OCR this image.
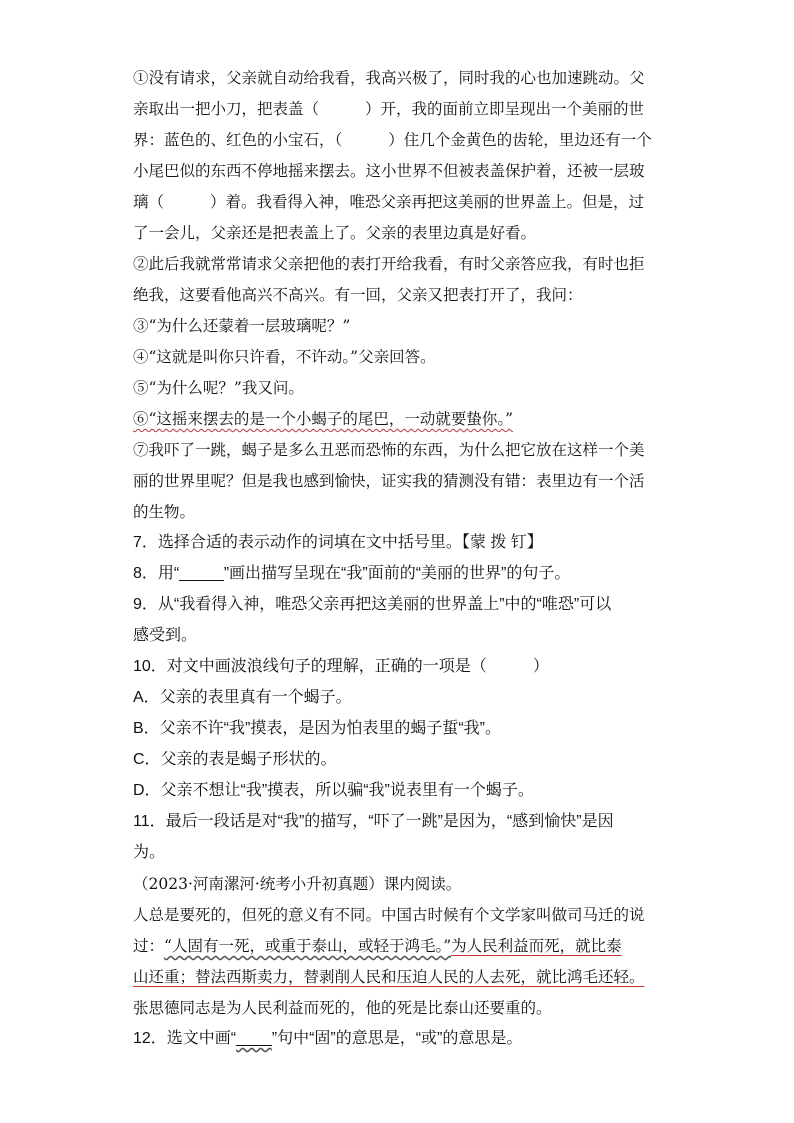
①没有请求，父亲就自动给我看，我高兴极了，同时我的心也加速跳动。父
亲取出一把小刀，把表盖（	）开，我的面前立即呈现出一个美丽的世
界：蓝色的、红色的小宝石，（	）住几个金黄色的齿轮，里边还有一个
小尾巴似的东西不停地摇来摆去。这小世界不但被表盖保护着，还被一层玻
璃（	）着。我看得入神，唯恐父亲再把这美丽的世界盖上。但是，过
了一会儿，父亲还是把表盖上了。父亲的表里边真是好看。
②此后我就常常请求父亲把他的表打开给我看，有时父亲答应我，有时也拒
绝我，这要看他高兴不高兴。有一回，父亲又把表打开了，我问：
③“为什么还蒙着一层玻璃呢？”
④“这就是叫你只许看，不许动。”父亲回答。
⑤“为什么呢？”我又问。
⑥“这摇来摆去的是一个小蝎子的尾巴，一动就要蛰你。”
⑦我吓了一跳，蝎子是多么丑恶而恐怖的东西，为什么把它放在这样一个美
丽的世界里呢？但是我也感到愉快，证实我的猜测没有错：表里边有一个活
的生物。
7．选择合适的表示动作的词填在文中括号里。【蒙 拨 钉】
8．用“_____”画出描写呈现在“我”面前的“美丽的世界”的句子。
9．从“我看得入神，唯恐父亲再把这美丽的世界盖上”中的“唯恐”可以
感受到。
10．对文中画波浪线句子的理解，正确的一项是（	）
A．父亲的表里真有一个蝎子。
B．父亲不许“我”摸表，是因为怕表里的蝎子蜇“我”。
C．父亲的表是蝎子形状的。
D．父亲不想让“我”摸表，所以骗“我”说表里有一个蝎子。
11．最后一段话是对“我”的描写，“吓了一跳”是因为，“感到愉快”是因
为。
（2023·河南漯河·统考小升初真题）课内阅读。
人总是要死的，但死的意义有不同。中国古时候有个文学家叫做司马迁的说
过：“人固有一死，或重于泰山，或轻于鸿毛。”为人民利益而死，就比泰
山还重；替法西斯卖力，替剥削人民和压迫人民的人去死，就比鸿毛还轻。
张思德同志是为人民利益而死的，他的死是比泰山还要重的。
12．选文中画“____”句中“固”的意思是，“或”的意思是。
